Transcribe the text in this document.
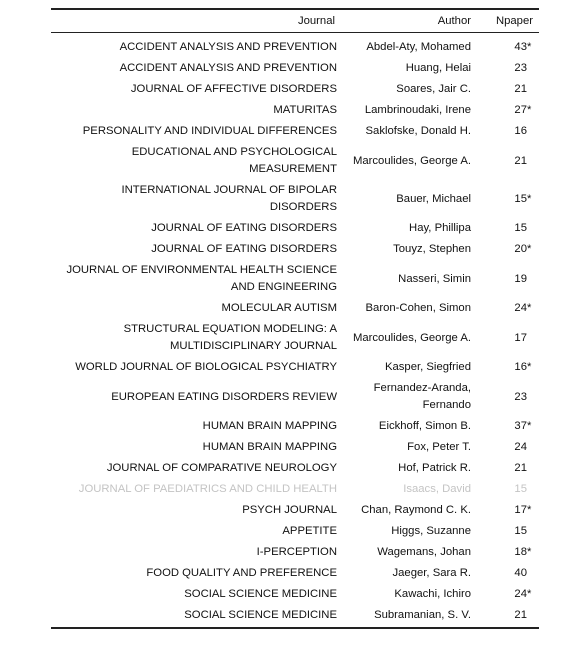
Journal	Author	Npaper
ACCIDENT ANALYSIS AND PREVENTION	Abdel-Aty, Mohamed	43*
ACCIDENT ANALYSIS AND PREVENTION	Huang, Helai	23
JOURNAL OF AFFECTIVE DISORDERS	Soares, Jair C.	21
MATURITAS	Lambrinoudaki, Irene	27*
PERSONALITY AND INDIVIDUAL DIFFERENCES	Saklofske, Donald H.	16
EDUCATIONAL AND PSYCHOLOGICAL MEASUREMENT	Marcoulides, George A.	21
INTERNATIONAL JOURNAL OF BIPOLAR DISORDERS	Bauer, Michael	15*
JOURNAL OF EATING DISORDERS	Hay, Phillipa	15
JOURNAL OF EATING DISORDERS	Touyz, Stephen	20*
JOURNAL OF ENVIRONMENTAL HEALTH SCIENCE AND ENGINEERING	Nasseri, Simin	19
MOLECULAR AUTISM	Baron-Cohen, Simon	24*
STRUCTURAL EQUATION MODELING: A MULTIDISCIPLINARY JOURNAL	Marcoulides, George A.	17
WORLD JOURNAL OF BIOLOGICAL PSYCHIATRY	Kasper, Siegfried	16*
EUROPEAN EATING DISORDERS REVIEW	Fernandez-Aranda, Fernando	23
HUMAN BRAIN MAPPING	Eickhoff, Simon B.	37*
HUMAN BRAIN MAPPING	Fox, Peter T.	24
JOURNAL OF COMPARATIVE NEUROLOGY	Hof, Patrick R.	21
JOURNAL OF PAEDIATRICS AND CHILD HEALTH	Isaacs, David	15
PSYCH JOURNAL	Chan, Raymond C. K.	17*
APPETITE	Higgs, Suzanne	15
I-PERCEPTION	Wagemans, Johan	18*
FOOD QUALITY AND PREFERENCE	Jaeger, Sara R.	40
SOCIAL SCIENCE MEDICINE	Kawachi, Ichiro	24*
SOCIAL SCIENCE MEDICINE	Subramanian, S. V.	21
